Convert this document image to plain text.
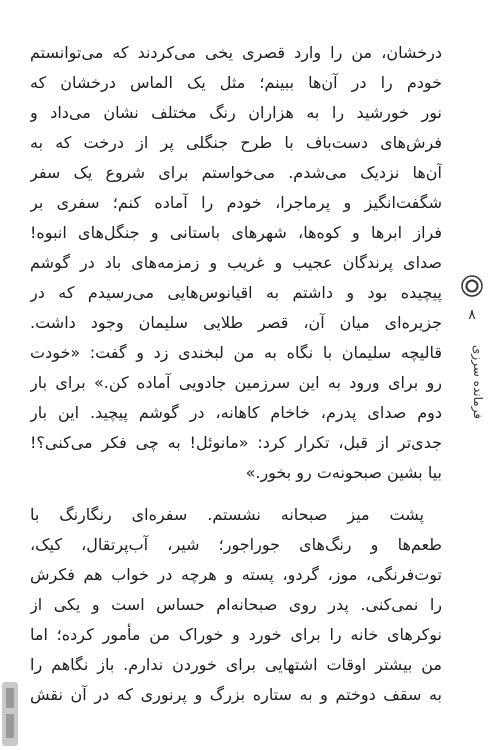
درخشان، من را وارد قصری یخی می‌کردند که می‌توانستم
خودم را در آن‌ها ببینم؛ مثل یک الماس درخشان که
نور خورشید را به هزاران رنگ مختلف نشان می‌داد و
فرش‌های دست‌باف با طرح جنگلی پر از درخت که به
آن‌ها نزدیک می‌شدم. می‌خواستم برای شروع یک سفر
شگفت‌انگیز و پرماجرا، خودم را آماده کنم؛ سفری بر
فراز ابرها و کوه‌ها، شهرهای باستانی و جنگل‌های انبوه!
صدای پرندگان عجیب و غریب و زمزمه‌های باد در گوشم
پیچیده بود و داشتم به اقیانوس‌هایی می‌رسیدم که در
جزیره‌ای میان آن، قصر طلایی سلیمان وجود داشت.
قالیچه سلیمان با نگاه به من لبخندی زد و گفت: «خودت
رو برای ورود به این سرزمین جادویی آماده کن.» برای بار
دوم صدای پدرم، خاخام کاهانه، در گوشم پیچید. این بار
جدی‌تر از قبل، تکرار کرد: «مانوئل! به چی فکر می‌کنی؟!
بیا بشین صبحونه‌ت رو بخور.»
پشت میز صبحانه نشستم. سفره‌ای رنگارنگ با
طعم‌ها و رنگ‌های جوراجور؛ شیر، آب‌پرتقال، کیک،
توت‌فرنگی، موز، گردو، پسته و هرچه در خواب هم فکرش
را نمی‌کنی. پدر روی صبحانه‌ام حساس است و یکی از
نوکرهای خانه را برای خورد و خوراک من مأمور کرده؛ اما
من بیشتر اوقات اشتهایی برای خوردن ندارم. باز نگاهم را
به سقف دوختم و به ستاره بزرگ و پرنوری که در آن نقش
۸
فرمانده سرزی
